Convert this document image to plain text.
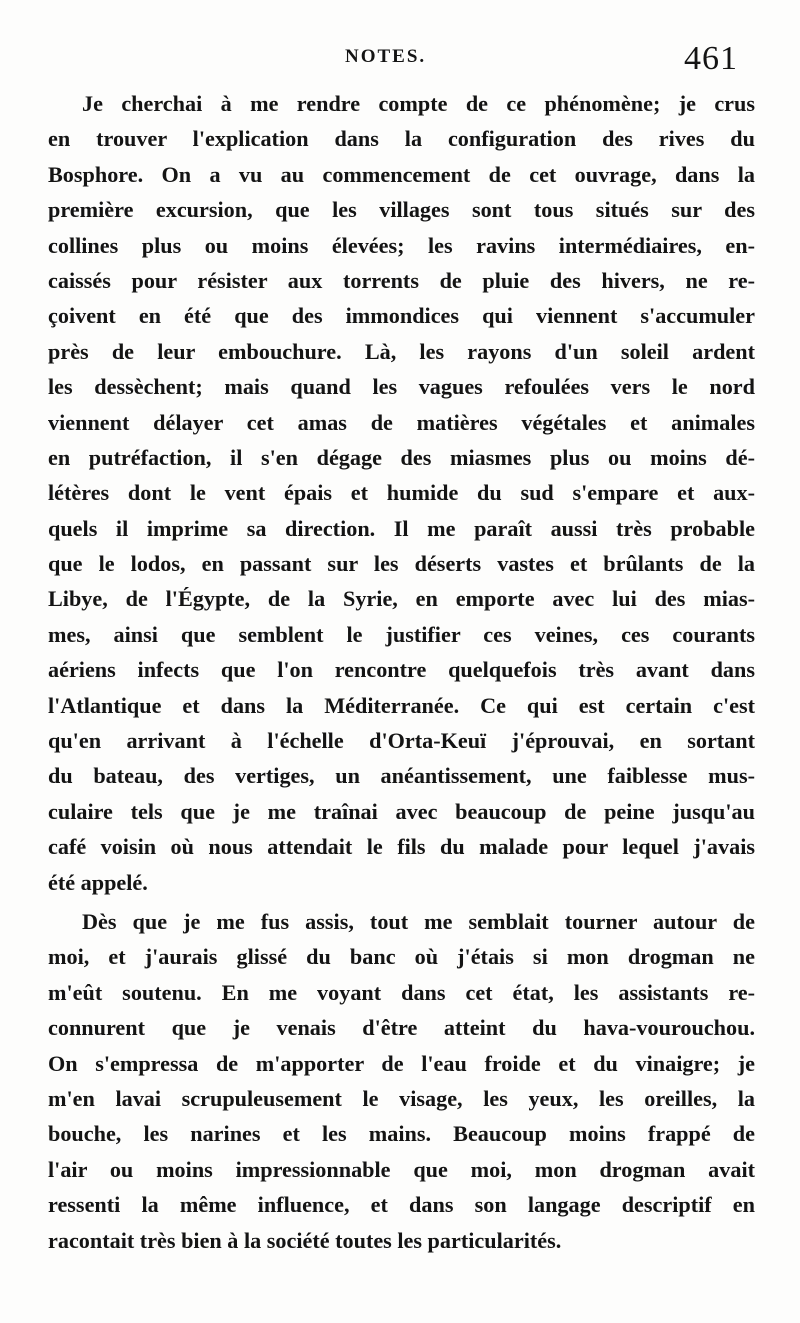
NOTES.	461
Je cherchai à me rendre compte de ce phénomène; je crus
en trouver l'explication dans la configuration des rives du
Bosphore. On a vu au commencement de cet ouvrage, dans la
première excursion, que les villages sont tous situés sur des
collines plus ou moins élevées; les ravins intermédiaires, en-
caissés pour résister aux torrents de pluie des hivers, ne re-
çoivent en été que des immondices qui viennent s'accumuler
près de leur embouchure. Là, les rayons d'un soleil ardent
les dessèchent; mais quand les vagues refoulées vers le nord
viennent délayer cet amas de matières végétales et animales
en putréfaction, il s'en dégage des miasmes plus ou moins dé-
létères dont le vent épais et humide du sud s'empare et aux-
quels il imprime sa direction. Il me paraît aussi très probable
que le lodos, en passant sur les déserts vastes et brûlants de la
Libye, de l'Égypte, de la Syrie, en emporte avec lui des mias-
mes, ainsi que semblent le justifier ces veines, ces courants
aériens infects que l'on rencontre quelquefois très avant dans
l'Atlantique et dans la Méditerranée. Ce qui est certain c'est
qu'en arrivant à l'échelle d'Orta-Keuï j'éprouvai, en sortant
du bateau, des vertiges, un anéantissement, une faiblesse mus-
culaire tels que je me traînai avec beaucoup de peine jusqu'au
café voisin où nous attendait le fils du malade pour lequel j'avais
été appelé.
Dès que je me fus assis, tout me semblait tourner autour de
moi, et j'aurais glissé du banc où j'étais si mon drogman ne
m'eût soutenu. En me voyant dans cet état, les assistants re-
connurent que je venais d'être atteint du hava-vourouchou.
On s'empressa de m'apporter de l'eau froide et du vinaigre; je
m'en lavai scrupuleusement le visage, les yeux, les oreilles, la
bouche, les narines et les mains. Beaucoup moins frappé de
l'air ou moins impressionnable que moi, mon drogman avait
ressenti la même influence, et dans son langage descriptif en
racontait très bien à la société toutes les particularités.
